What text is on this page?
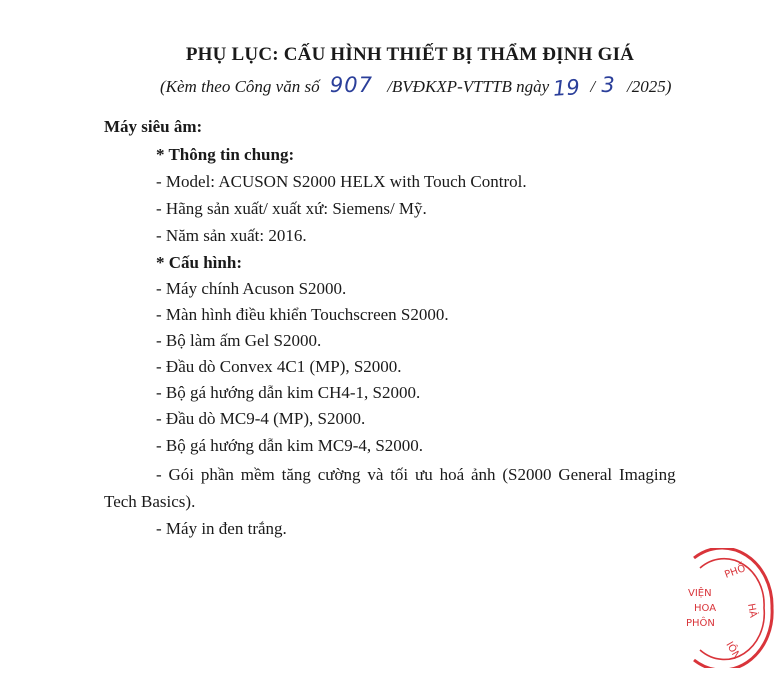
PHỤ LỤC: CẤU HÌNH THIẾT BỊ THẨM ĐỊNH GIÁ
(Kèm theo Công văn số 907 /BVĐKXP-VTTTB ngày 19 / 3 /2025)
Máy siêu âm:
* Thông tin chung:
- Model: ACUSON S2000 HELX with Touch Control.
- Hãng sản xuất/ xuất xứ: Siemens/ Mỹ.
- Năm sản xuất: 2016.
* Cấu hình:
- Máy chính Acuson S2000.
- Màn hình điều khiển Touchscreen S2000.
- Bộ làm ấm Gel S2000.
- Đầu dò Convex 4C1 (MP), S2000.
- Bộ gá hướng dẫn kim CH4-1, S2000.
- Đầu dò MC9-4 (MP), S2000.
- Bộ gá hướng dẫn kim MC9-4, S2000.
- Gói phần mềm tăng cường và tối ưu hoá ảnh (S2000 General Imaging
Tech Basics).
- Máy in đen trắng.
PHỐ
HÀ
VIỆN
HOA
PHÔN
IÔN
